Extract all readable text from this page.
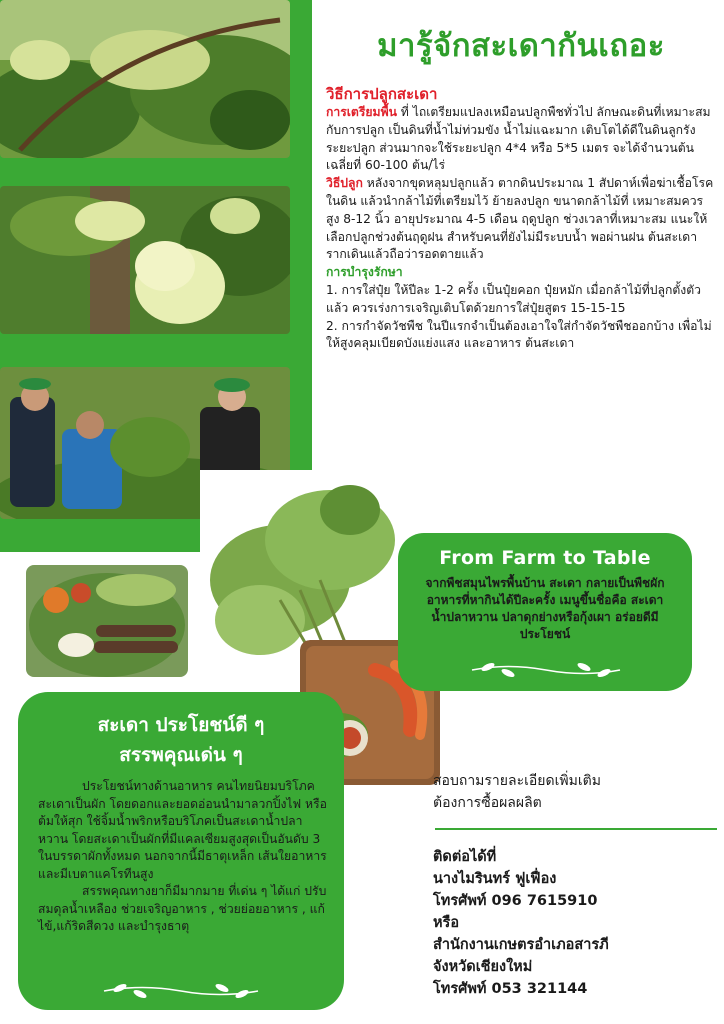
มารู้จักสะเดากันเถอะ

วิธีการปลูกสะเดา

การเตรียมพื้น ที่ ไถเตรียมแปลงเหมือนปลูกพืชทั่วไป ลักษณะดินที่เหมาะสมกับการปลูก เป็นดินที่น้ำไม่ท่วมขัง น้ำไม่แฉะมาก เติบโตได้ดีในดินลูกรัง

ระยะปลูก ส่วนมากจะใช้ระยะปลูก 4*4 หรือ 5*5 เมตร จะได้จำนวนต้นเฉลี่ยที่ 60-100 ต้น/ไร่

วิธีปลูก หลังจากขุดหลุมปลูกแล้ว ตากดินประมาณ 1 สัปดาห์เพื่อฆ่าเชื้อโรค ในดิน แล้วนำกล้าไม้ที่เตรียมไว้ ย้ายลงปลูก ขนาดกล้าไม้ที่ เหมาะสมควรสูง 8-12 นิ้ว อายุประมาณ 4-5 เดือน ฤดูปลูก ช่วงเวลาที่เหมาะสม แนะให้เลือกปลูกช่วงต้นฤดูฝน สำหรับคนที่ยังไม่มีระบบน้ำ พอผ่านฝน ต้นสะเดารากเดินแล้วถือว่ารอดตายแล้ว

การบำรุงรักษา

1. การใส่ปุ๋ย ให้ปีละ 1-2 ครั้ง เป็นปุ๋ยคอก ปุ๋ยหมัก เมื่อกล้าไม้ที่ปลูกตั้งตัวแล้ว ควรเร่งการเจริญเติบโตด้วยการใส่ปุ๋ยสูตร 15-15-15

2. การกำจัดวัชพืช ในปีแรกจำเป็นต้องเอาใจใส่กำจัดวัชพืชออกบ้าง เพื่อไม่ให้สูงคลุมเบียดบังแย่งแสง และอาหาร ต้นสะเดา

From Farm to Table
จากพืชสมุนไพรพื้นบ้าน สะเดา กลายเป็นพืชผักอาหารที่หากินได้ปีละครั้ง เมนูขึ้นชื่อคือ สะเดาน้ำปลาหวาน ปลาดุกย่างหรือกุ้งเผา อร่อยดีมีประโยชน์
สะเดา ประโยชน์ดี ๆ
สรรพคุณเด่น ๆ

ประโยชน์ทางด้านอาหาร คนไทยนิยมบริโภคสะเดาเป็นผัก โดยดอกและยอดอ่อนนำมาลวกปิ้งไฟ หรือต้มให้สุก ใช้จิ้มน้ำพริกหรือบริโภคเป็นสะเดาน้ำปลาหวาน โดยสะเดาเป็นผักที่มีแคลเซียมสูงสุดเป็นอันดับ 3 ในบรรดาผักทั้งหมด นอกจากนี้มีธาตุเหล็ก เส้นใยอาหาร และมีเบตาแคโรทีนสูง

สรรพคุณทางยาก็มีมากมาย ที่เด่น ๆ ได้แก่ ปรับสมดุลน้ำเหลือง ช่วยเจริญอาหาร , ช่วยย่อยอาหาร , แก้ไข้,แก้ริดสีดวง และบำรุงธาตุ

สอบถามรายละเอียดเพิ่มเติม
ต้องการซื้อผลผลิต
ติดต่อได้ที่
นางไมรินทร์ ฟูเฟื่อง
โทรศัพท์ 096 7615910
หรือ
สำนักงานเกษตรอำเภอสารภี
จังหวัดเชียงใหม่
โทรศัพท์ 053 321144
